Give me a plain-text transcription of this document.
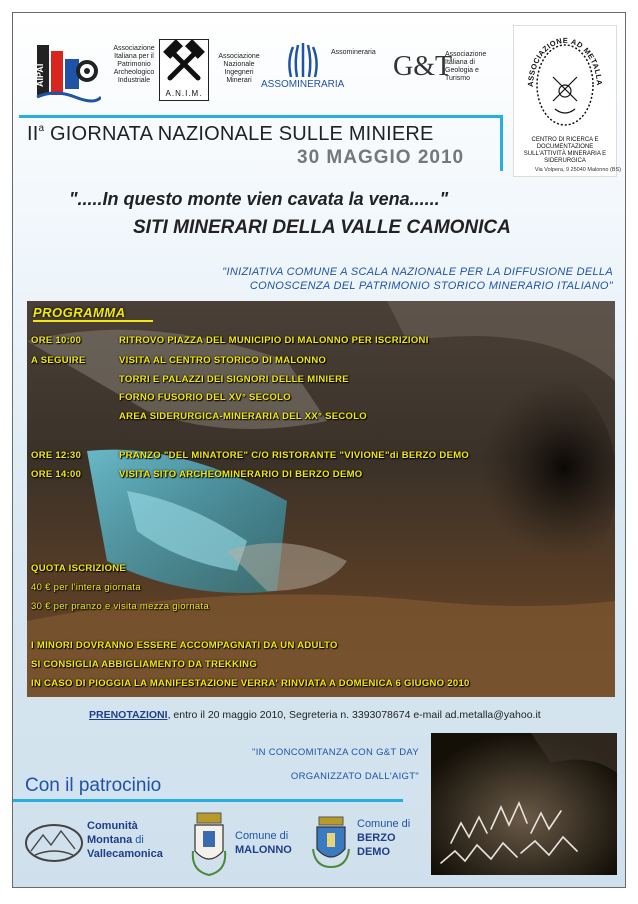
AIPAI
Associazione Italiana per il Patrimonio Archeologico Industriale
A.N.I.M.
Associazione Nazionale Ingegneri Minerari ASSOMINERARIA
Assomineraria G&T
Associazione Italiana di Geologia e Turismo
ASSOCIAZIONE AD METALLA
CENTRO DI RICERCA E DOCUMENTAZIONE SULL'ATTIVITÀ MINERARIA E SIDERURGICA
Via Volpera, 9 25040 Malonno (BS)
$II^a$ GIORNATA NAZIONALE SULLE MINIERE
30 MAGGIO 2010
".....In questo monte vien cavata la vena......"
SITI MINERARI DELLA VALLE CAMONICA
"INIZIATIVA COMUNE A SCALA NAZIONALE PER LA DIFFUSIONE DELLA
CONOSCENZA DEL PATRIMONIO STORICO MINERARIO ITALIANO"
PROGRAMMA
ORE 10:00	RITROVO PIAZZA DEL MUNICIPIO DI MALONNO PER ISCRIZIONI
A SEGUIRE	VISITA AL CENTRO STORICO DI MALONNO
TORRI E PALAZZI DEI SIGNORI DELLE MINIERE
FORNO FUSORIO DEL XV° SECOLO
AREA SIDERURGICA-MINERARIA DEL XX° SECOLO
ORE 12:30	PRANZO "DEL MINATORE" C/O RISTORANTE "VIVIONE"di BERZO DEMO
ORE 14:00	VISITA SITO ARCHEOMINERARIO DI BERZO DEMO
QUOTA ISCRIZIONE
40 € per l'intera giornata
30 € per pranzo e visita mezza giornata
I MINORI DOVRANNO ESSERE ACCOMPAGNATI DA UN ADULTO
SI CONSIGLIA ABBIGLIAMENTO DA TREKKING
IN CASO DI PIOGGIA LA MANIFESTAZIONE VERRA' RINVIATA A DOMENICA 6 GIUGNO 2010
PRENOTAZIONI, entro il 20 maggio 2010, Segreteria n. 3393078674 e-mail ad.metalla@yahoo.it
"IN CONCOMITANZA CON G&T DAY
ORGANIZZATO DALL'AIGT"
Con il patrocinio
Comunità
Montana di
Vallecamonica
Comune di
MALONNO
Comune di
BERZO
DEMO
